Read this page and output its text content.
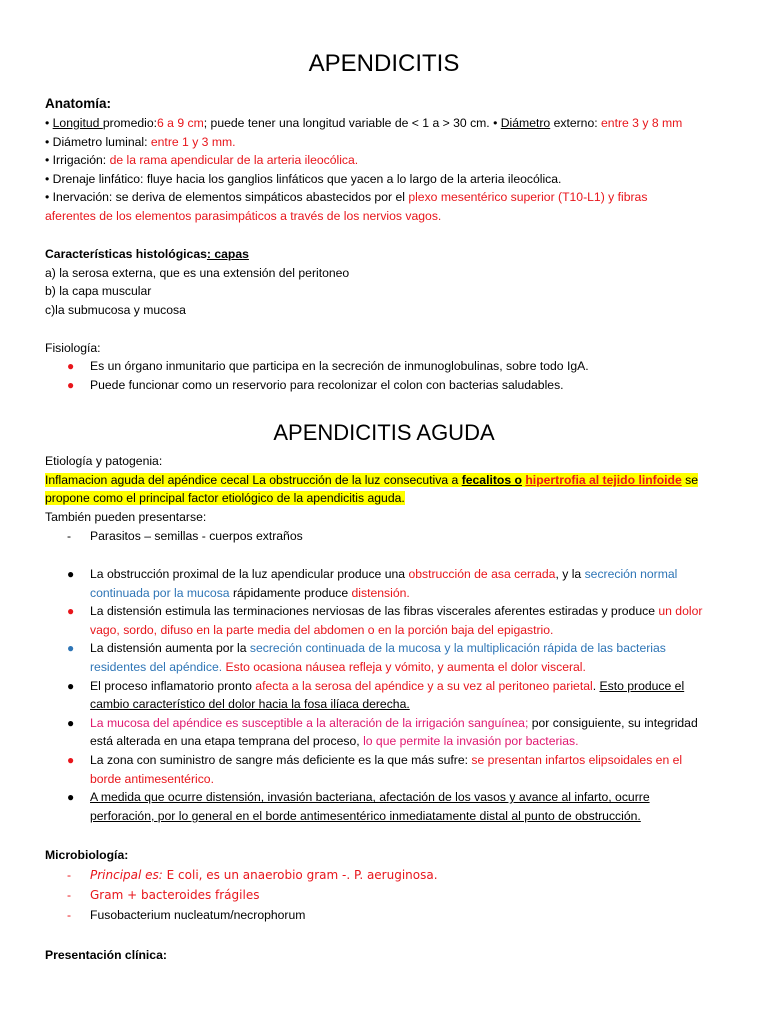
APENDICITIS
Anatomía:
• Longitud promedio:6 a 9 cm; puede tener una longitud variable de < 1 a > 30 cm. • Diámetro externo: entre 3 y 8 mm
• Diámetro luminal: entre 1 y 3 mm.
• Irrigación: de la rama apendicular de la arteria ileocólica.
• Drenaje linfático: fluye hacia los ganglios linfáticos que yacen a lo largo de la arteria ileocólica.
• Inervación: se deriva de elementos simpáticos abastecidos por el plexo mesentérico superior (T10-L1) y fibras
aferentes de los elementos parasimpáticos a través de los nervios vagos.
Características histológicas: capas
a) la serosa externa, que es una extensión del peritoneo
b) la capa muscular
c)la submucosa y mucosa
Fisiología:
● Es un órgano inmunitario que participa en la secreción de inmunoglobulinas, sobre todo IgA.
● Puede funcionar como un reservorio para recolonizar el colon con bacterias saludables.
APENDICITIS AGUDA
Etiología y patogenia:
Inflamacion aguda del apéndice cecal La obstrucción de la luz consecutiva a fecalitos o hipertrofia al tejido linfoide se
propone como el principal factor etiológico de la apendicitis aguda.
También pueden presentarse:
- Parasitos – semillas - cuerpos extraños
● La obstrucción proximal de la luz apendicular produce una obstrucción de asa cerrada, y la secreción normal
continuada por la mucosa rápidamente produce distensión.
● La distensión estimula las terminaciones nerviosas de las fibras viscerales aferentes estiradas y produce un dolor
vago, sordo, difuso en la parte media del abdomen o en la porción baja del epigastrio.
● La distensión aumenta por la secreción continuada de la mucosa y la multiplicación rápida de las bacterias
residentes del apéndice. Esto ocasiona náusea refleja y vómito, y aumenta el dolor visceral.
● El proceso inflamatorio pronto afecta a la serosa del apéndice y a su vez al peritoneo parietal. Esto produce el
cambio característico del dolor hacia la fosa ilíaca derecha.
● La mucosa del apéndice es susceptible a la alteración de la irrigación sanguínea; por consiguiente, su integridad
está alterada en una etapa temprana del proceso, lo que permite la invasión por bacterias.
● La zona con suministro de sangre más deficiente es la que más sufre: se presentan infartos elipsoidales en el
borde antimesentérico.
● A medida que ocurre distensión, invasión bacteriana, afectación de los vasos y avance al infarto, ocurre
perforación, por lo general en el borde antimesentérico inmediatamente distal al punto de obstrucción.
Microbiología:
- Principal es: E coli, es un anaerobio gram -. P. aeruginosa.
- Gram + bacteroides frágiles
- Fusobacterium nucleatum/necrophorum
Presentación clínica:
